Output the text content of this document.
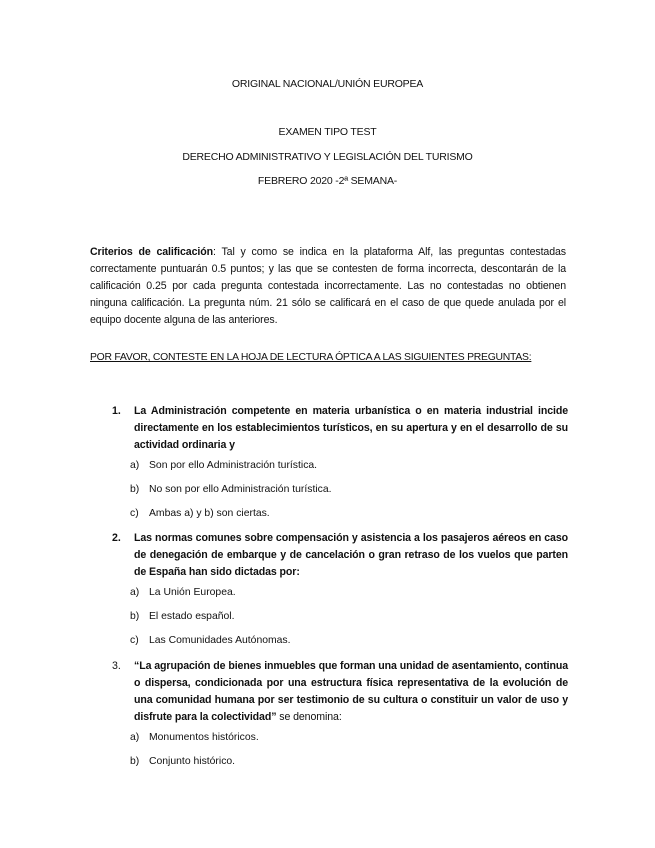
ORIGINAL NACIONAL/UNIÓN EUROPEA
EXAMEN TIPO TEST
DERECHO ADMINISTRATIVO Y LEGISLACIÓN DEL TURISMO
FEBRERO 2020 -2ª SEMANA-
Criterios de calificación: Tal y como se indica en la plataforma Alf, las preguntas contestadas correctamente puntuarán 0.5 puntos; y las que se contesten de forma incorrecta, descontarán de la calificación 0.25 por cada pregunta contestada incorrectamente. Las no contestadas no obtienen ninguna calificación. La pregunta núm. 21 sólo se calificará en el caso de que quede anulada por el equipo docente alguna de las anteriores.
POR FAVOR, CONTESTE EN LA HOJA DE LECTURA ÓPTICA A LAS SIGUIENTES PREGUNTAS:
1.	La Administración competente en materia urbanística o en materia industrial incide directamente en los establecimientos turísticos, en su apertura y en el desarrollo de su actividad ordinaria y
a) Son por ello Administración turística.
b) No son por ello Administración turística.
c) Ambas a) y b) son ciertas.
2.	Las normas comunes sobre compensación y asistencia a los pasajeros aéreos en caso de denegación de embarque y de cancelación o gran retraso de los vuelos que parten de España han sido dictadas por:
a) La Unión Europea.
b) El estado español.
c) Las Comunidades Autónomas.
3.	“La agrupación de bienes inmuebles que forman una unidad de asentamiento, continua o dispersa, condicionada por una estructura física representativa de la evolución de una comunidad humana por ser testimonio de su cultura o constituir un valor de uso y disfrute para la colectividad” se denomina:
a) Monumentos históricos.
b) Conjunto histórico.
